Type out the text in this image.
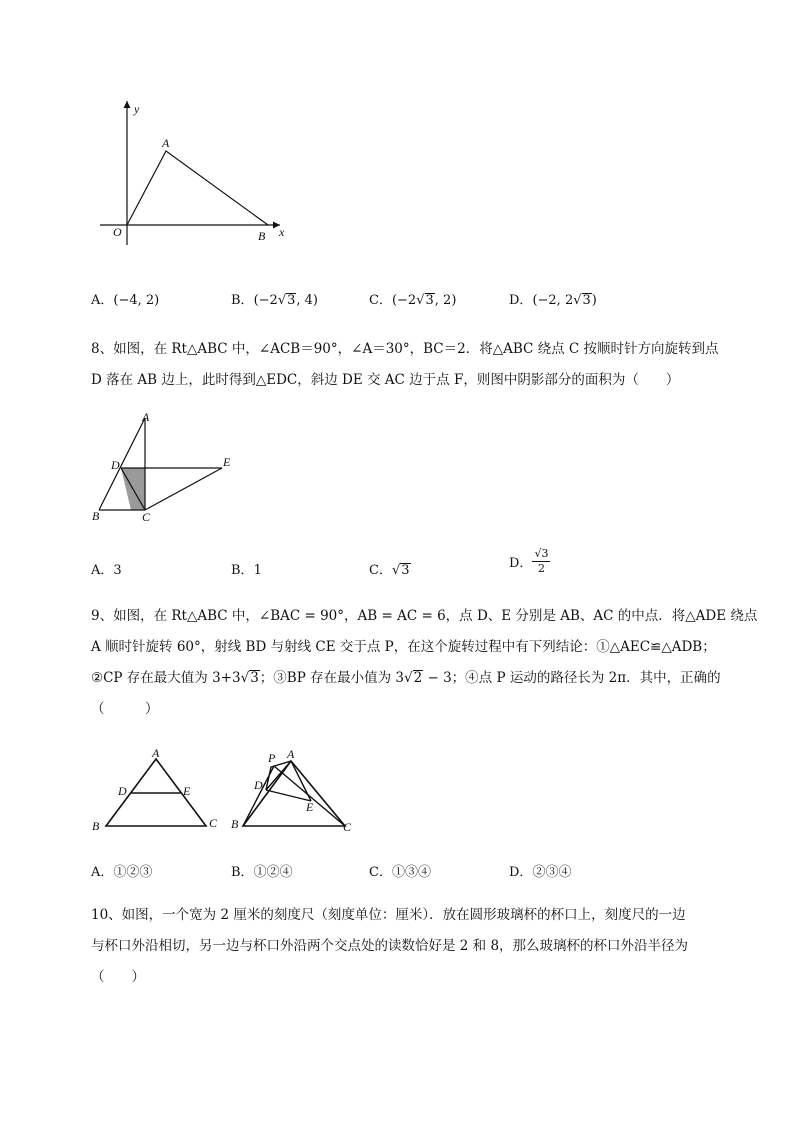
y
A
O	B x
A．(−4, 2)	B．(−2√3, 4)	C．(−2√3, 2)	D．(−2, 2√3)

8、如图，在 Rt△ABC 中，∠ACB＝90°，∠A＝30°，BC＝2．将△ABC 绕点 C 按顺时针方向旋转到点

D 落在 AB 边上，此时得到△EDC，斜边 DE 交 AC 边于点 F，则图中阴影部分的面积为（　　）

A
D	E
B	C
A．3	B．1	C．√3	D． $\frac{√3}{2}$

9、如图，在 Rt△ABC 中，∠BAC = 90°，AB = AC = 6，点 D、E 分别是 AB、AC 的中点．将△ADE 绕点

A 顺时针旋转 60°，射线 BD 与射线 CE 交于点 P，在这个旋转过程中有下列结论：①△AEC≌△ADB；

②CP 存在最大值为 3+3√3；③BP 存在最小值为 3√2 − 3；④点 P 运动的路径长为 2π．其中，正确的

（　　　）

A
D	E
B	C
P A
D
E
B	C
A．①②③	B．①②④	C．①③④	D．②③④

10、如图，一个宽为 2 厘米的刻度尺（刻度单位：厘米）．放在圆形玻璃杯的杯口上，刻度尺的一边

与杯口外沿相切，另一边与杯口外沿两个交点处的读数恰好是 2 和 8，那么玻璃杯的杯口外沿半径为

（　　）
